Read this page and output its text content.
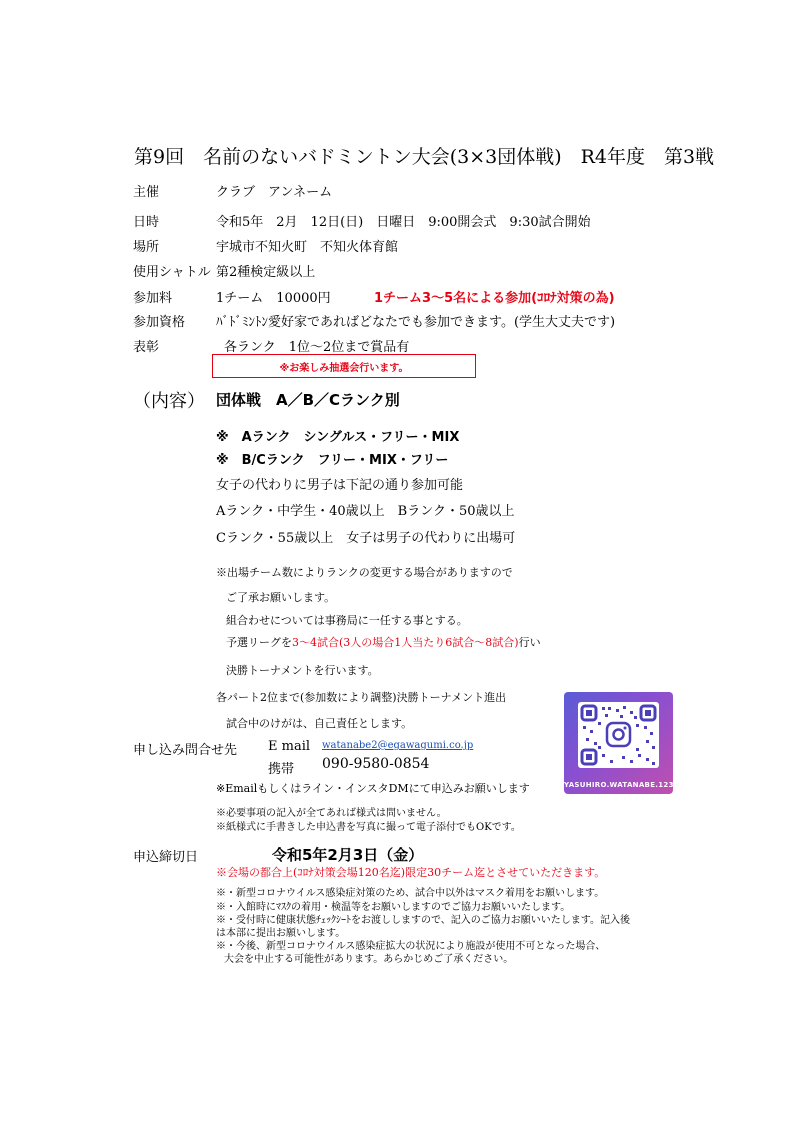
第9回　名前のないバドミントン大会(3×3団体戦)　R4年度　第3戦
主催	クラブ　アンネーム
日時	令和5年　2月　12日(日)　日曜日　9:00開会式　9:30試合開始
場所	宇城市不知火町　不知火体育館
使用シャトル 第2種検定級以上
参加料	1チーム　10000円	1チーム3～5名による参加(ｺﾛﾅ対策の為)
参加資格 ﾊﾞﾄﾞﾐﾝﾄﾝ愛好家であればどなたでも参加できます。(学生大丈夫です)
表彰	各ランク　1位～2位まで賞品有
※お楽しみ抽選会行います。
（内容） 団体戦　A／B／Cランク別
※　Aランク　シングルス・フリー・MIX
※　B/Cランク　フリー・MIX・フリー
女子の代わりに男子は下記の通り参加可能
Aランク・中学生・40歳以上　Bランク・50歳以上
Cランク・55歳以上　女子は男子の代わりに出場可
※出場チーム数によりランクの変更する場合がありますので
ご了承お願いします。
組合わせについては事務局に一任する事とする。
予選リーグを3～4試合(3人の場合1人当たり6試合～8試合)行い
決勝トーナメントを行います。
各パート2位まで(参加数により調整)決勝トーナメント進出
試合中のけがは、自己責任とします。
YASUHIRO.WATANABE.12382
申し込み問合せ先 E mail watanabe2@egawagumi.co.jp
携帯 090-9580-0854
※Emailもしくはライン・インスタDMにて申込みお願いします
※必要事項の記入が全てあれば様式は問いません。
※紙様式に手書きした申込書を写真に撮って電子添付でもOKです。
申込締切日	令和5年2月3日（金）
※会場の都合上(ｺﾛﾅ対策会場120名迄)限定30チーム迄とさせていただきます。
※・新型コロナウイルス感染症対策のため、試合中以外はマスク着用をお願いします。
※・入館時にﾏｽｸの着用・検温等をお願いしますのでご協力お願いいたします。
※・受付時に健康状態ﾁｪｯｸｼｰﾄをお渡ししますので、記入のご協力お願いいたします。記入後
は本部に提出お願いします。
※・今後、新型コロナウイルス感染症拡大の状況により施設が使用不可となった場合、
大会を中止する可能性があります。あらかじめご了承ください。
